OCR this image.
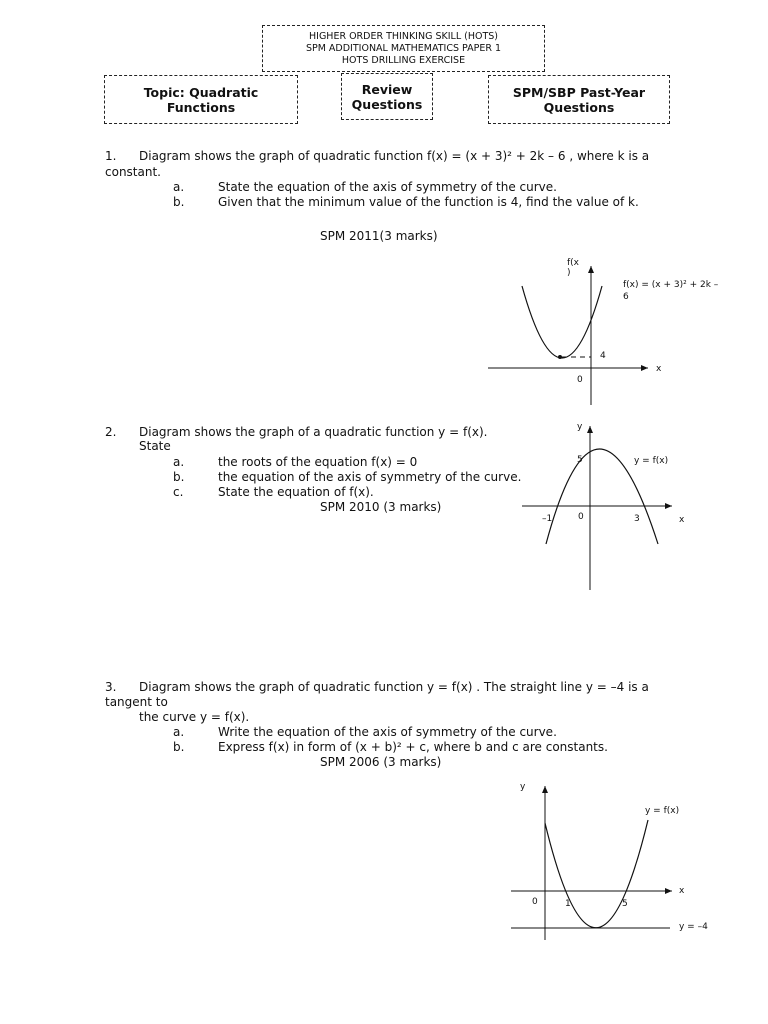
HIGHER ORDER THINKING SKILL (HOTS)
SPM ADDITIONAL MATHEMATICS PAPER 1
HOTS DRILLING EXERCISE
Topic: Quadratic
Functions
Review
Questions
SPM/SBP Past-Year
Questions
1. Diagram shows the graph of quadratic function f(x) = (x + 3)² + 2k – 6 , where k is a
constant.
a.	State the equation of the axis of symmetry of the curve.
b.	Given that the minimum value of the function is 4, find the value of k.
SPM 2011(3 marks)
f(x
)
f(x) = (x + 3)² + 2k –
6
4
x
0
2. Diagram shows the graph of a quadratic function y = f(x).
State
a.	the roots of the equation f(x) = 0
b.	the equation of the axis of symmetry of the curve.
c.	State the equation of f(x).
SPM 2010 (3 marks)
y
5	y = f(x)
x
–1	0	3
3. Diagram shows the graph of quadratic function y = f(x) . The straight line y = –4 is a
tangent to
the curve y = f(x).
a.	Write the equation of the axis of symmetry of the curve.
b.	Express f(x) in form of (x + b)² + c, where b and c are constants.
SPM 2006 (3 marks)
y
y = f(x)
x
0	1	5
y = –4
